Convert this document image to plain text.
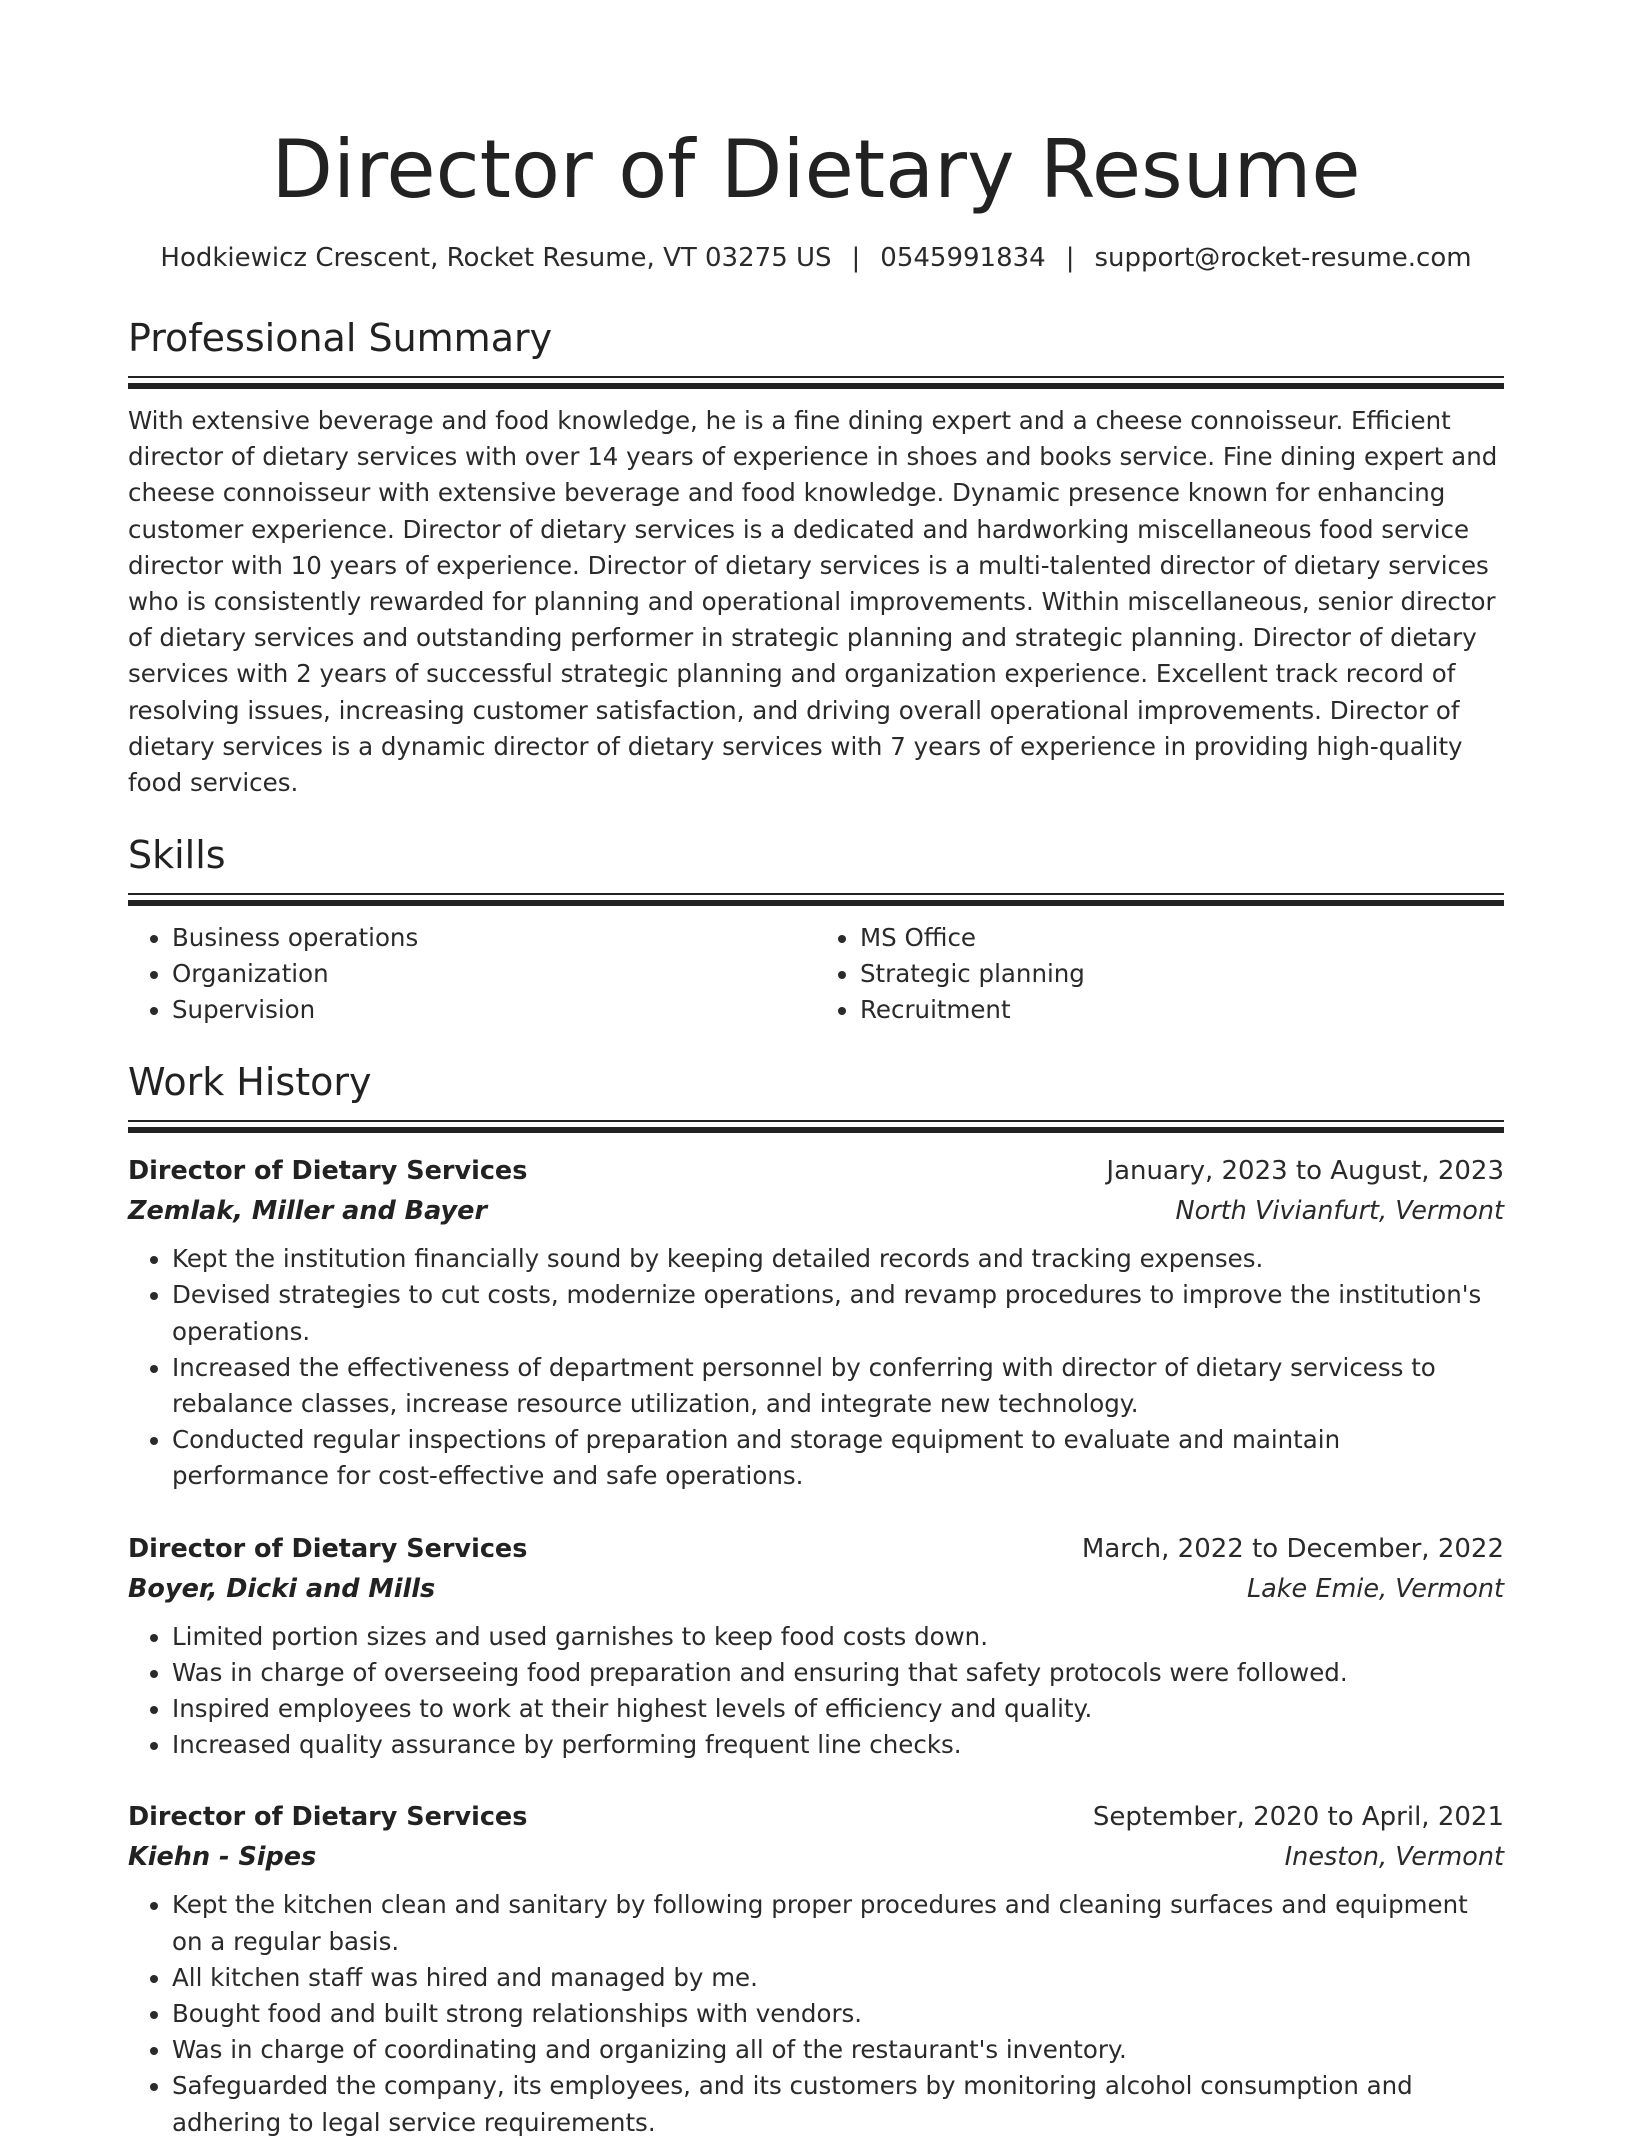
Director of Dietary Resume
Hodkiewicz Crescent, Rocket Resume, VT 03275 US | 0545991834 | support@rocket-resume.com
Professional Summary

With extensive beverage and food knowledge, he is a fine dining expert and a cheese connoisseur. Efficient director of dietary services with over 14 years of experience in shoes and books service. Fine dining expert and cheese connoisseur with extensive beverage and food knowledge. Dynamic presence known for enhancing customer experience. Director of dietary services is a dedicated and hardworking miscellaneous food service director with 10 years of experience. Director of dietary services is a multi-talented director of dietary services who is consistently rewarded for planning and operational improvements. Within miscellaneous, senior director of dietary services and outstanding performer in strategic planning and strategic planning. Director of dietary services with 2 years of successful strategic planning and organization experience. Excellent track record of resolving issues, increasing customer satisfaction, and driving overall operational improvements. Director of dietary services is a dynamic director of dietary services with 7 years of experience in providing high-quality food services.

Skills
• Business operations
• Organization
• Supervision
• MS Office
• Strategic planning
• Recruitment
Work History
Director of Dietary Services	January, 2023 to August, 2023
Zemlak, Miller and Bayer	North Vivianfurt, Vermont
• Kept the institution financially sound by keeping detailed records and tracking expenses.
• Devised strategies to cut costs, modernize operations, and revamp procedures to improve the institution's operations.
• Increased the effectiveness of department personnel by conferring with director of dietary servicess to rebalance classes, increase resource utilization, and integrate new technology.
• Conducted regular inspections of preparation and storage equipment to evaluate and maintain performance for cost-effective and safe operations.
Director of Dietary Services	March, 2022 to December, 2022
Boyer, Dicki and Mills	Lake Emie, Vermont
• Limited portion sizes and used garnishes to keep food costs down.
• Was in charge of overseeing food preparation and ensuring that safety protocols were followed.
• Inspired employees to work at their highest levels of efficiency and quality.
• Increased quality assurance by performing frequent line checks.
Director of Dietary Services	September, 2020 to April, 2021
Kiehn - Sipes	Ineston, Vermont
• Kept the kitchen clean and sanitary by following proper procedures and cleaning surfaces and equipment on a regular basis.
• All kitchen staff was hired and managed by me.
• Bought food and built strong relationships with vendors.
• Was in charge of coordinating and organizing all of the restaurant's inventory.
• Safeguarded the company, its employees, and its customers by monitoring alcohol consumption and adhering to legal service requirements.
